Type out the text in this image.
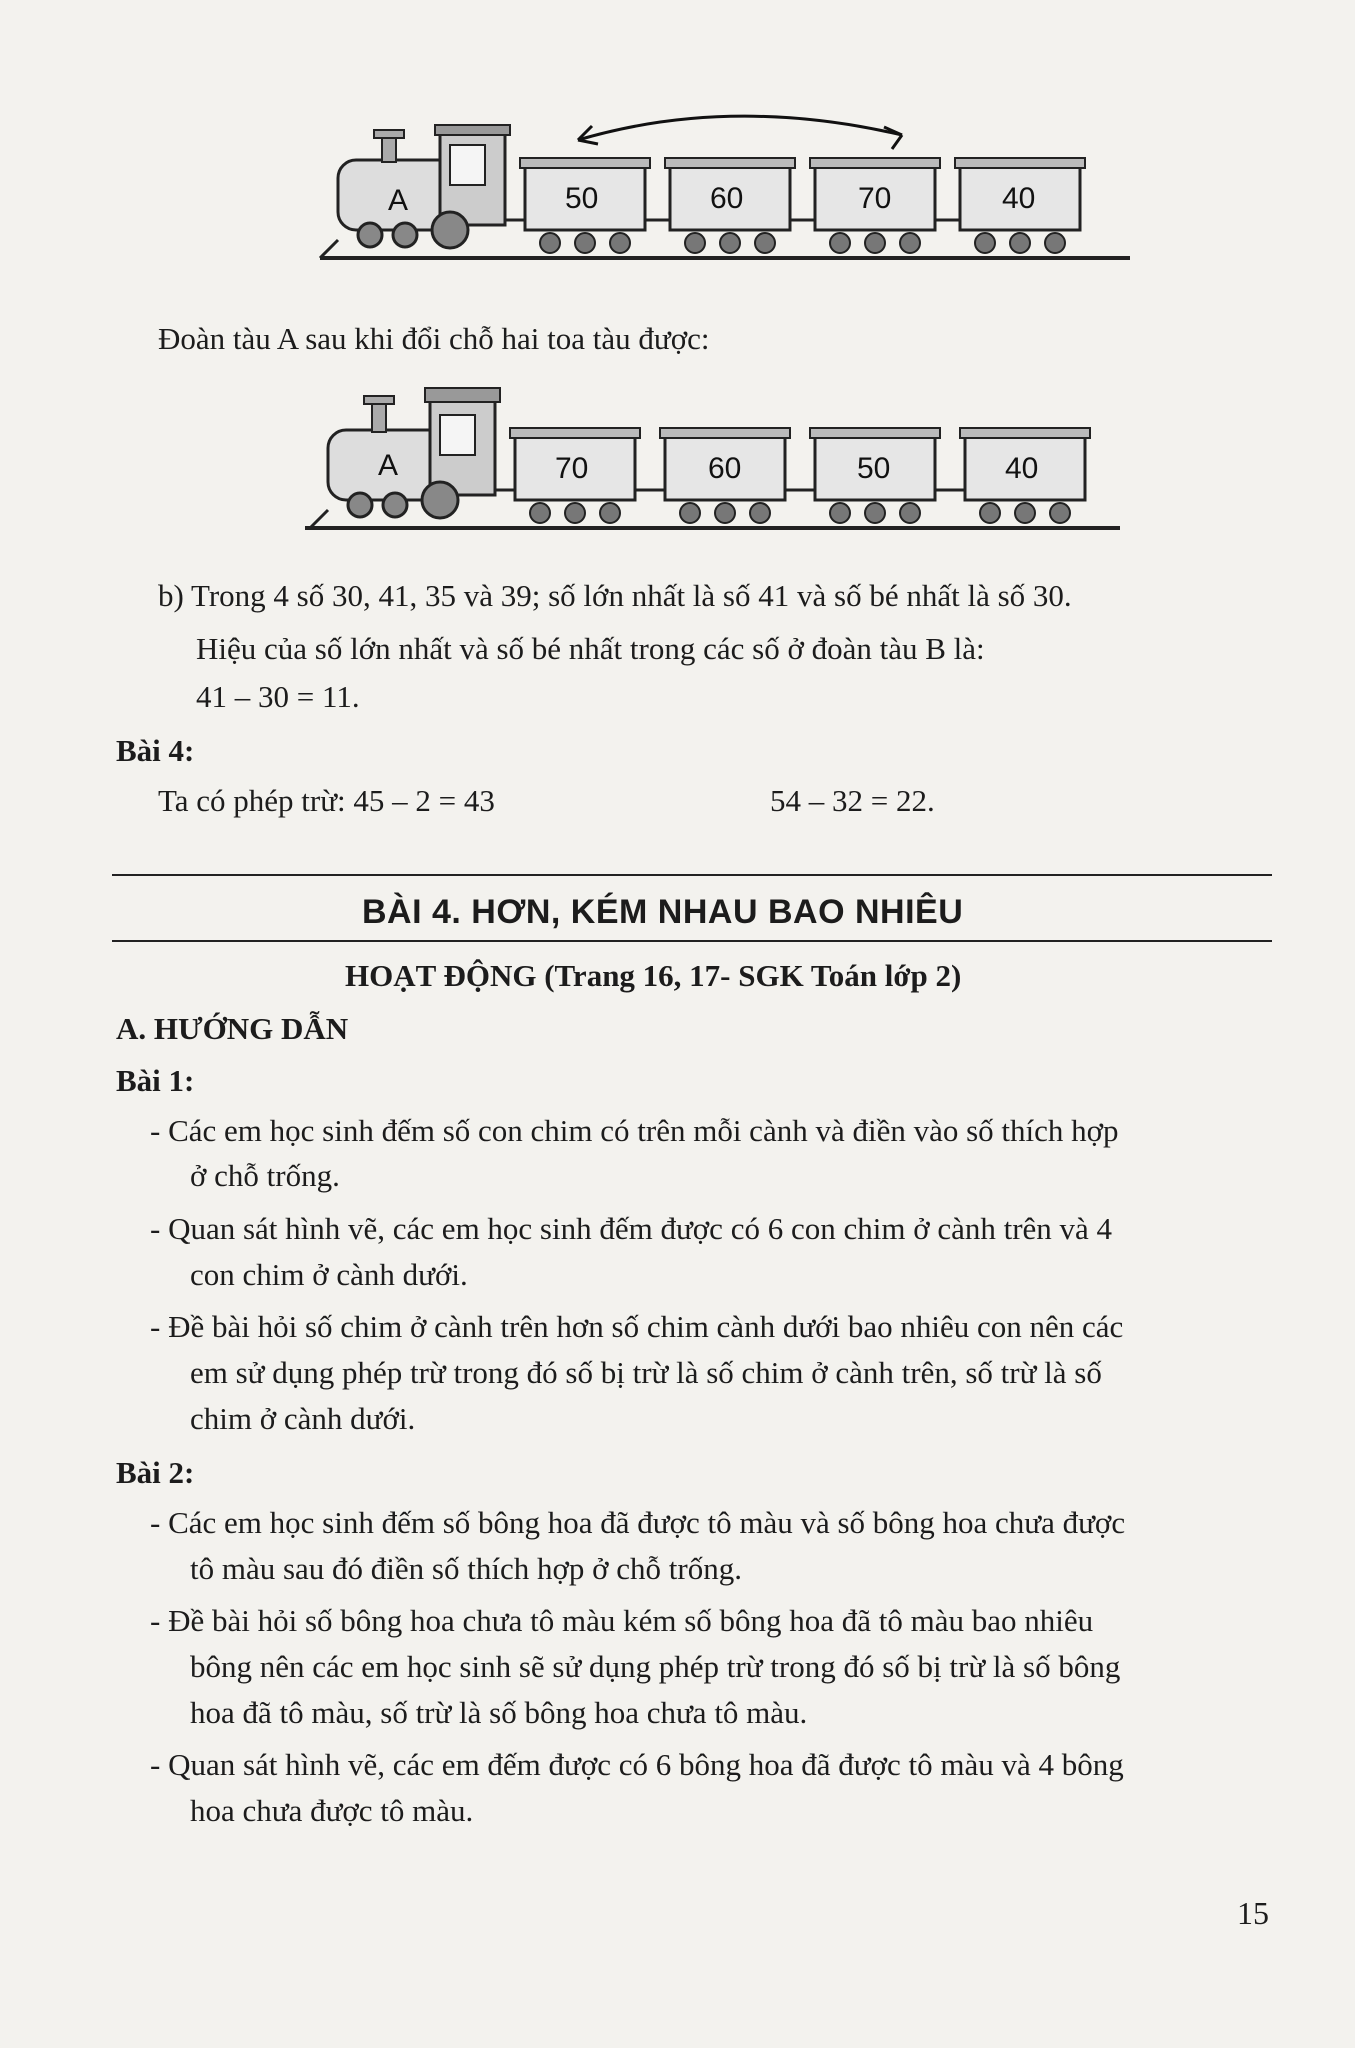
A	50	60	70	40
Đoàn tàu A sau khi đổi chỗ hai toa tàu được:
A	70	60	50	40
b) Trong 4 số 30, 41, 35 và 39; số lớn nhất là số 41 và số bé nhất là số 30.
Hiệu của số lớn nhất và số bé nhất trong các số ở đoàn tàu B là:
41 – 30 = 11.
Bài 4:
Ta có phép trừ: 45 – 2 = 43	54 – 32 = 22.
BÀI 4. HƠN, KÉM NHAU BAO NHIÊU
HOẠT ĐỘNG (Trang 16, 17- SGK Toán lớp 2)
A. HƯỚNG DẪN
Bài 1:
- Các em học sinh đếm số con chim có trên mỗi cành và điền vào số thích hợp
ở chỗ trống.
- Quan sát hình vẽ, các em học sinh đếm được có 6 con chim ở cành trên và 4
con chim ở cành dưới.
- Đề bài hỏi số chim ở cành trên hơn số chim cành dưới bao nhiêu con nên các
em sử dụng phép trừ trong đó số bị trừ là số chim ở cành trên, số trừ là số
chim ở cành dưới.
Bài 2:
- Các em học sinh đếm số bông hoa đã được tô màu và số bông hoa chưa được
tô màu sau đó điền số thích hợp ở chỗ trống.
- Đề bài hỏi số bông hoa chưa tô màu kém số bông hoa đã tô màu bao nhiêu
bông nên các em học sinh sẽ sử dụng phép trừ trong đó số bị trừ là số bông
hoa đã tô màu, số trừ là số bông hoa chưa tô màu.
- Quan sát hình vẽ, các em đếm được có 6 bông hoa đã được tô màu và 4 bông
hoa chưa được tô màu.
15
